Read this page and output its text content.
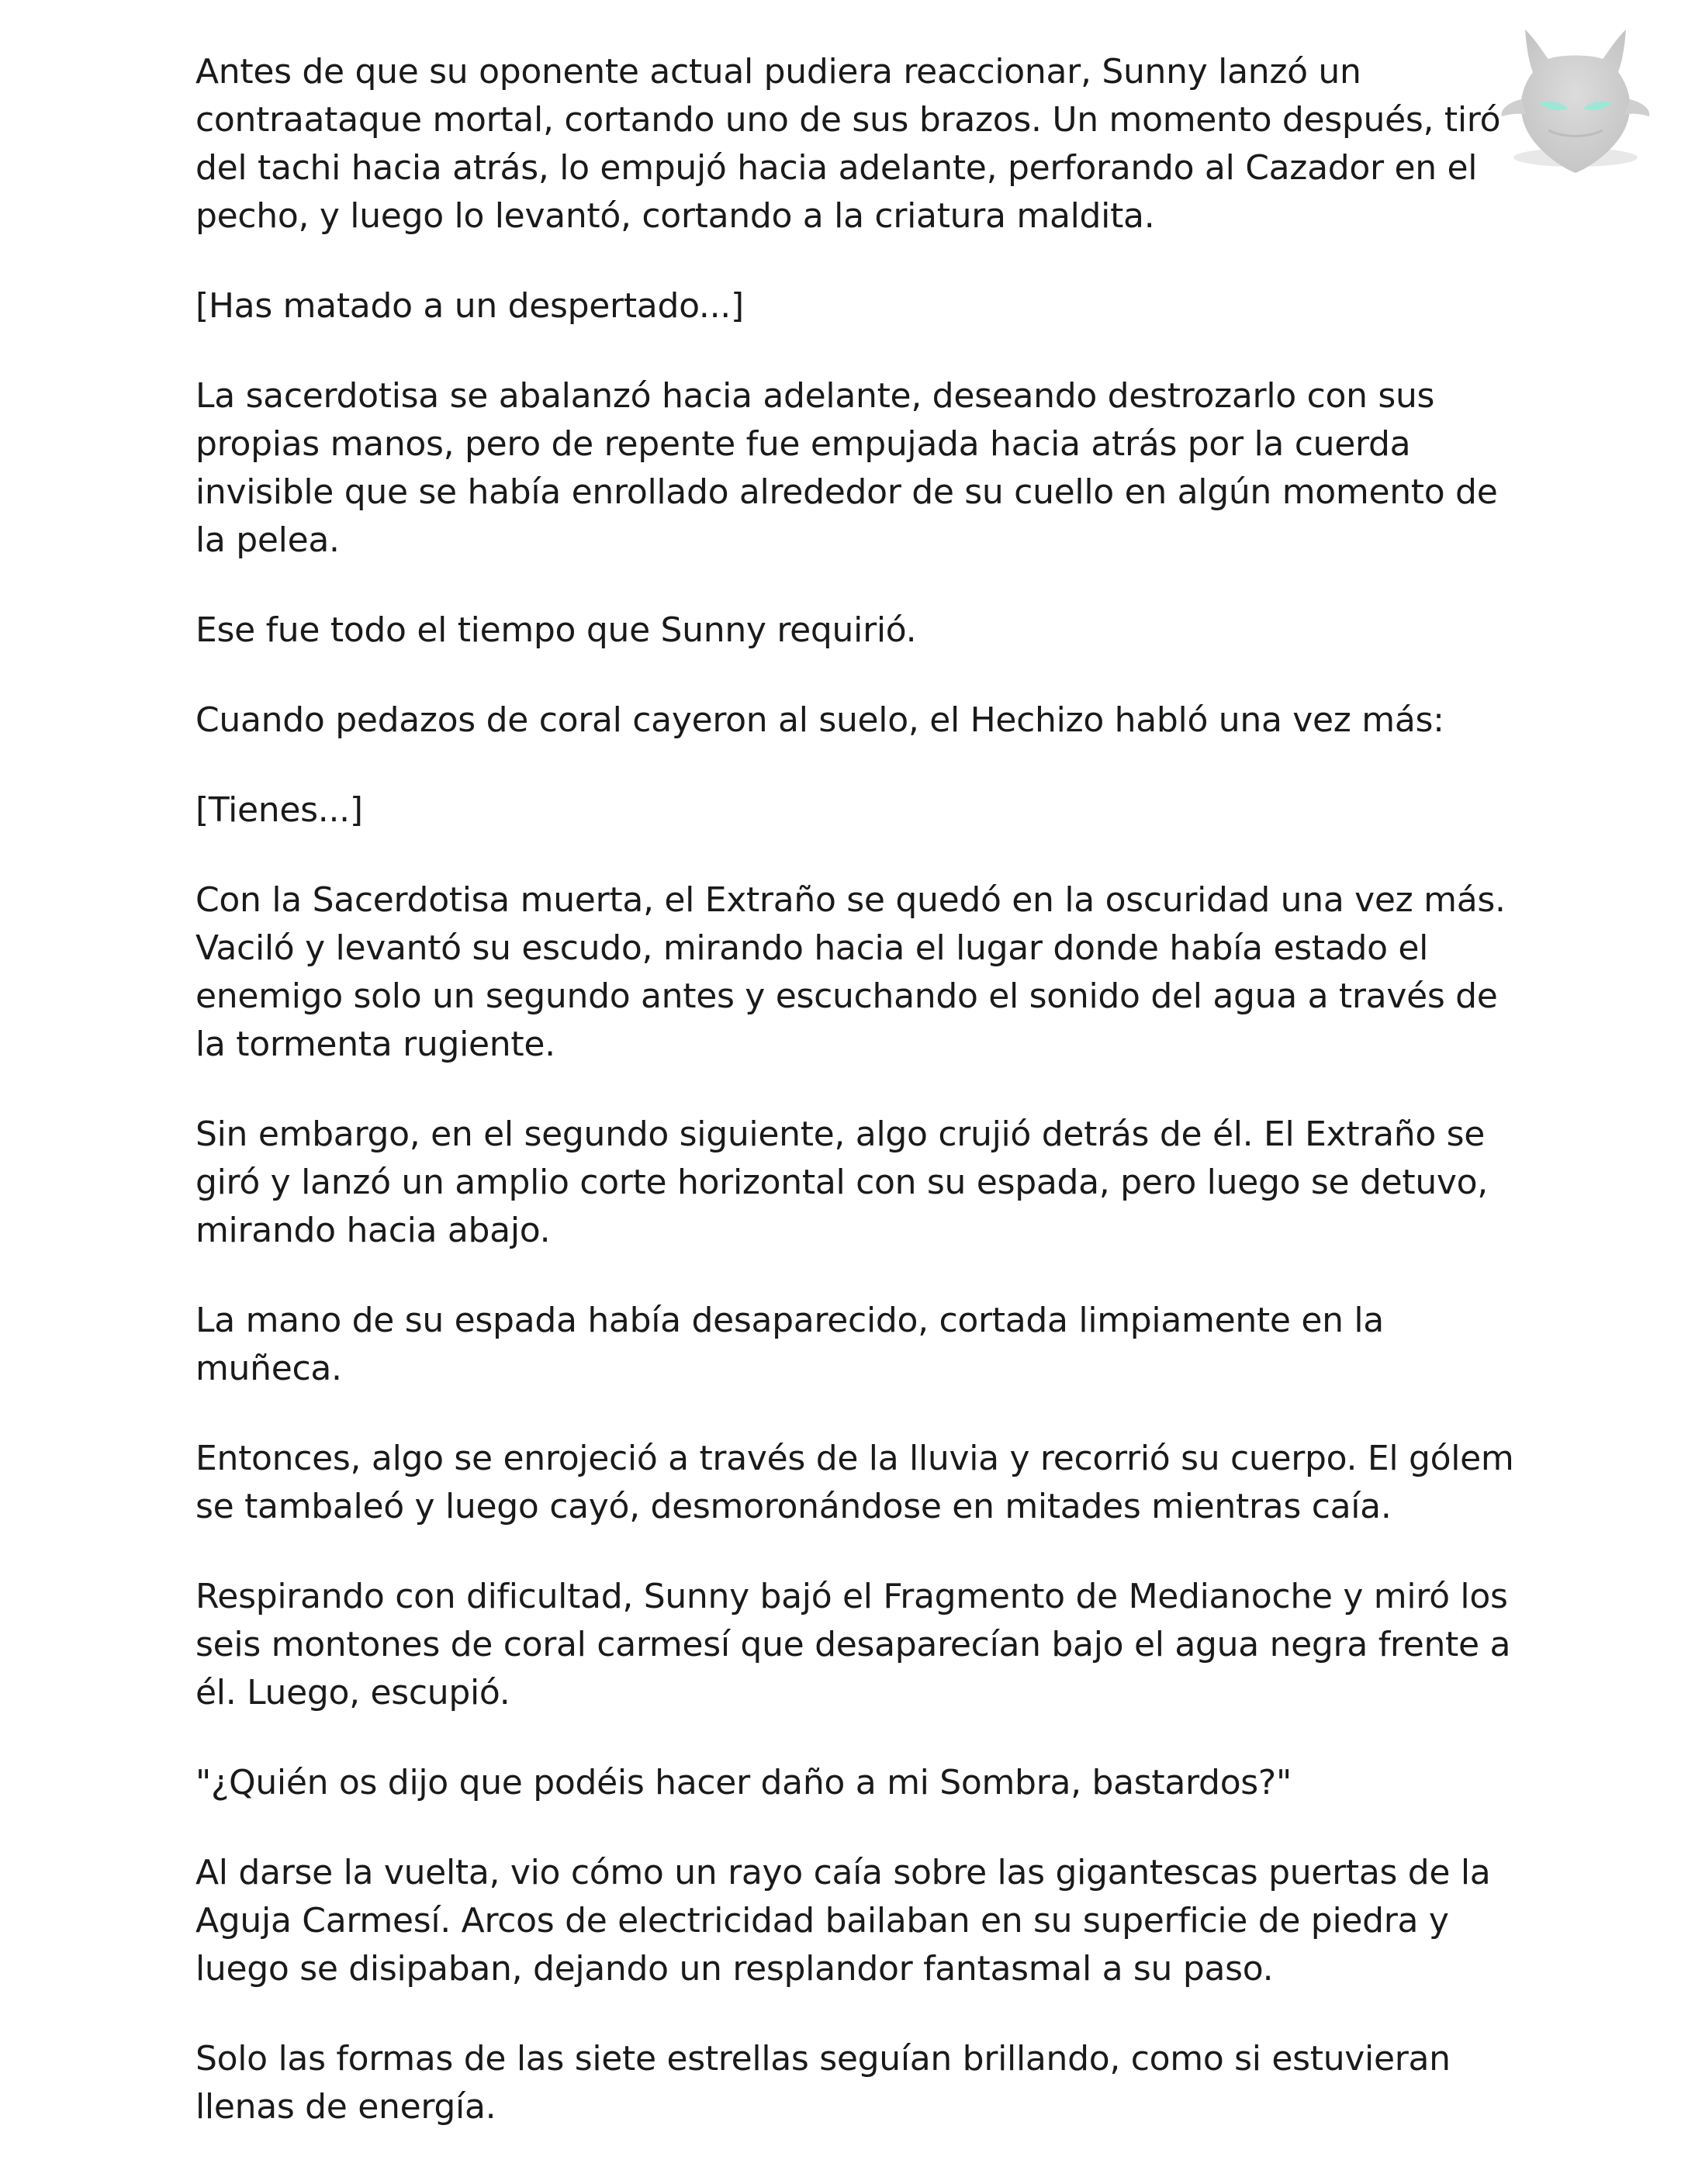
Antes de que su oponente actual pudiera reaccionar, Sunny lanzó un contraataque mortal, cortando uno de sus brazos. Un momento después, tiró del tachi hacia atrás, lo empujó hacia adelante, perforando al Cazador en el pecho, y luego lo levantó, cortando a la criatura maldita.

[Has matado a un despertado...]

La sacerdotisa se abalanzó hacia adelante, deseando destrozarlo con sus propias manos, pero de repente fue empujada hacia atrás por la cuerda invisible que se había enrollado alrededor de su cuello en algún momento de la pelea.

Ese fue todo el tiempo que Sunny requirió.

Cuando pedazos de coral cayeron al suelo, el Hechizo habló una vez más:

[Tienes...]

Con la Sacerdotisa muerta, el Extraño se quedó en la oscuridad una vez más. Vaciló y levantó su escudo, mirando hacia el lugar donde había estado el enemigo solo un segundo antes y escuchando el sonido del agua a través de la tormenta rugiente.

Sin embargo, en el segundo siguiente, algo crujió detrás de él. El Extraño se giró y lanzó un amplio corte horizontal con su espada, pero luego se detuvo, mirando hacia abajo.

La mano de su espada había desaparecido, cortada limpiamente en la muñeca.

Entonces, algo se enrojeció a través de la lluvia y recorrió su cuerpo. El gólem se tambaleó y luego cayó, desmoronándose en mitades mientras caía.

Respirando con dificultad, Sunny bajó el Fragmento de Medianoche y miró los seis montones de coral carmesí que desaparecían bajo el agua negra frente a él. Luego, escupió.

"¿Quién os dijo que podéis hacer daño a mi Sombra, bastardos?"

Al darse la vuelta, vio cómo un rayo caía sobre las gigantescas puertas de la Aguja Carmesí. Arcos de electricidad bailaban en su superficie de piedra y luego se disipaban, dejando un resplandor fantasmal a su paso.

Solo las formas de las siete estrellas seguían brillando, como si estuvieran llenas de energía.
